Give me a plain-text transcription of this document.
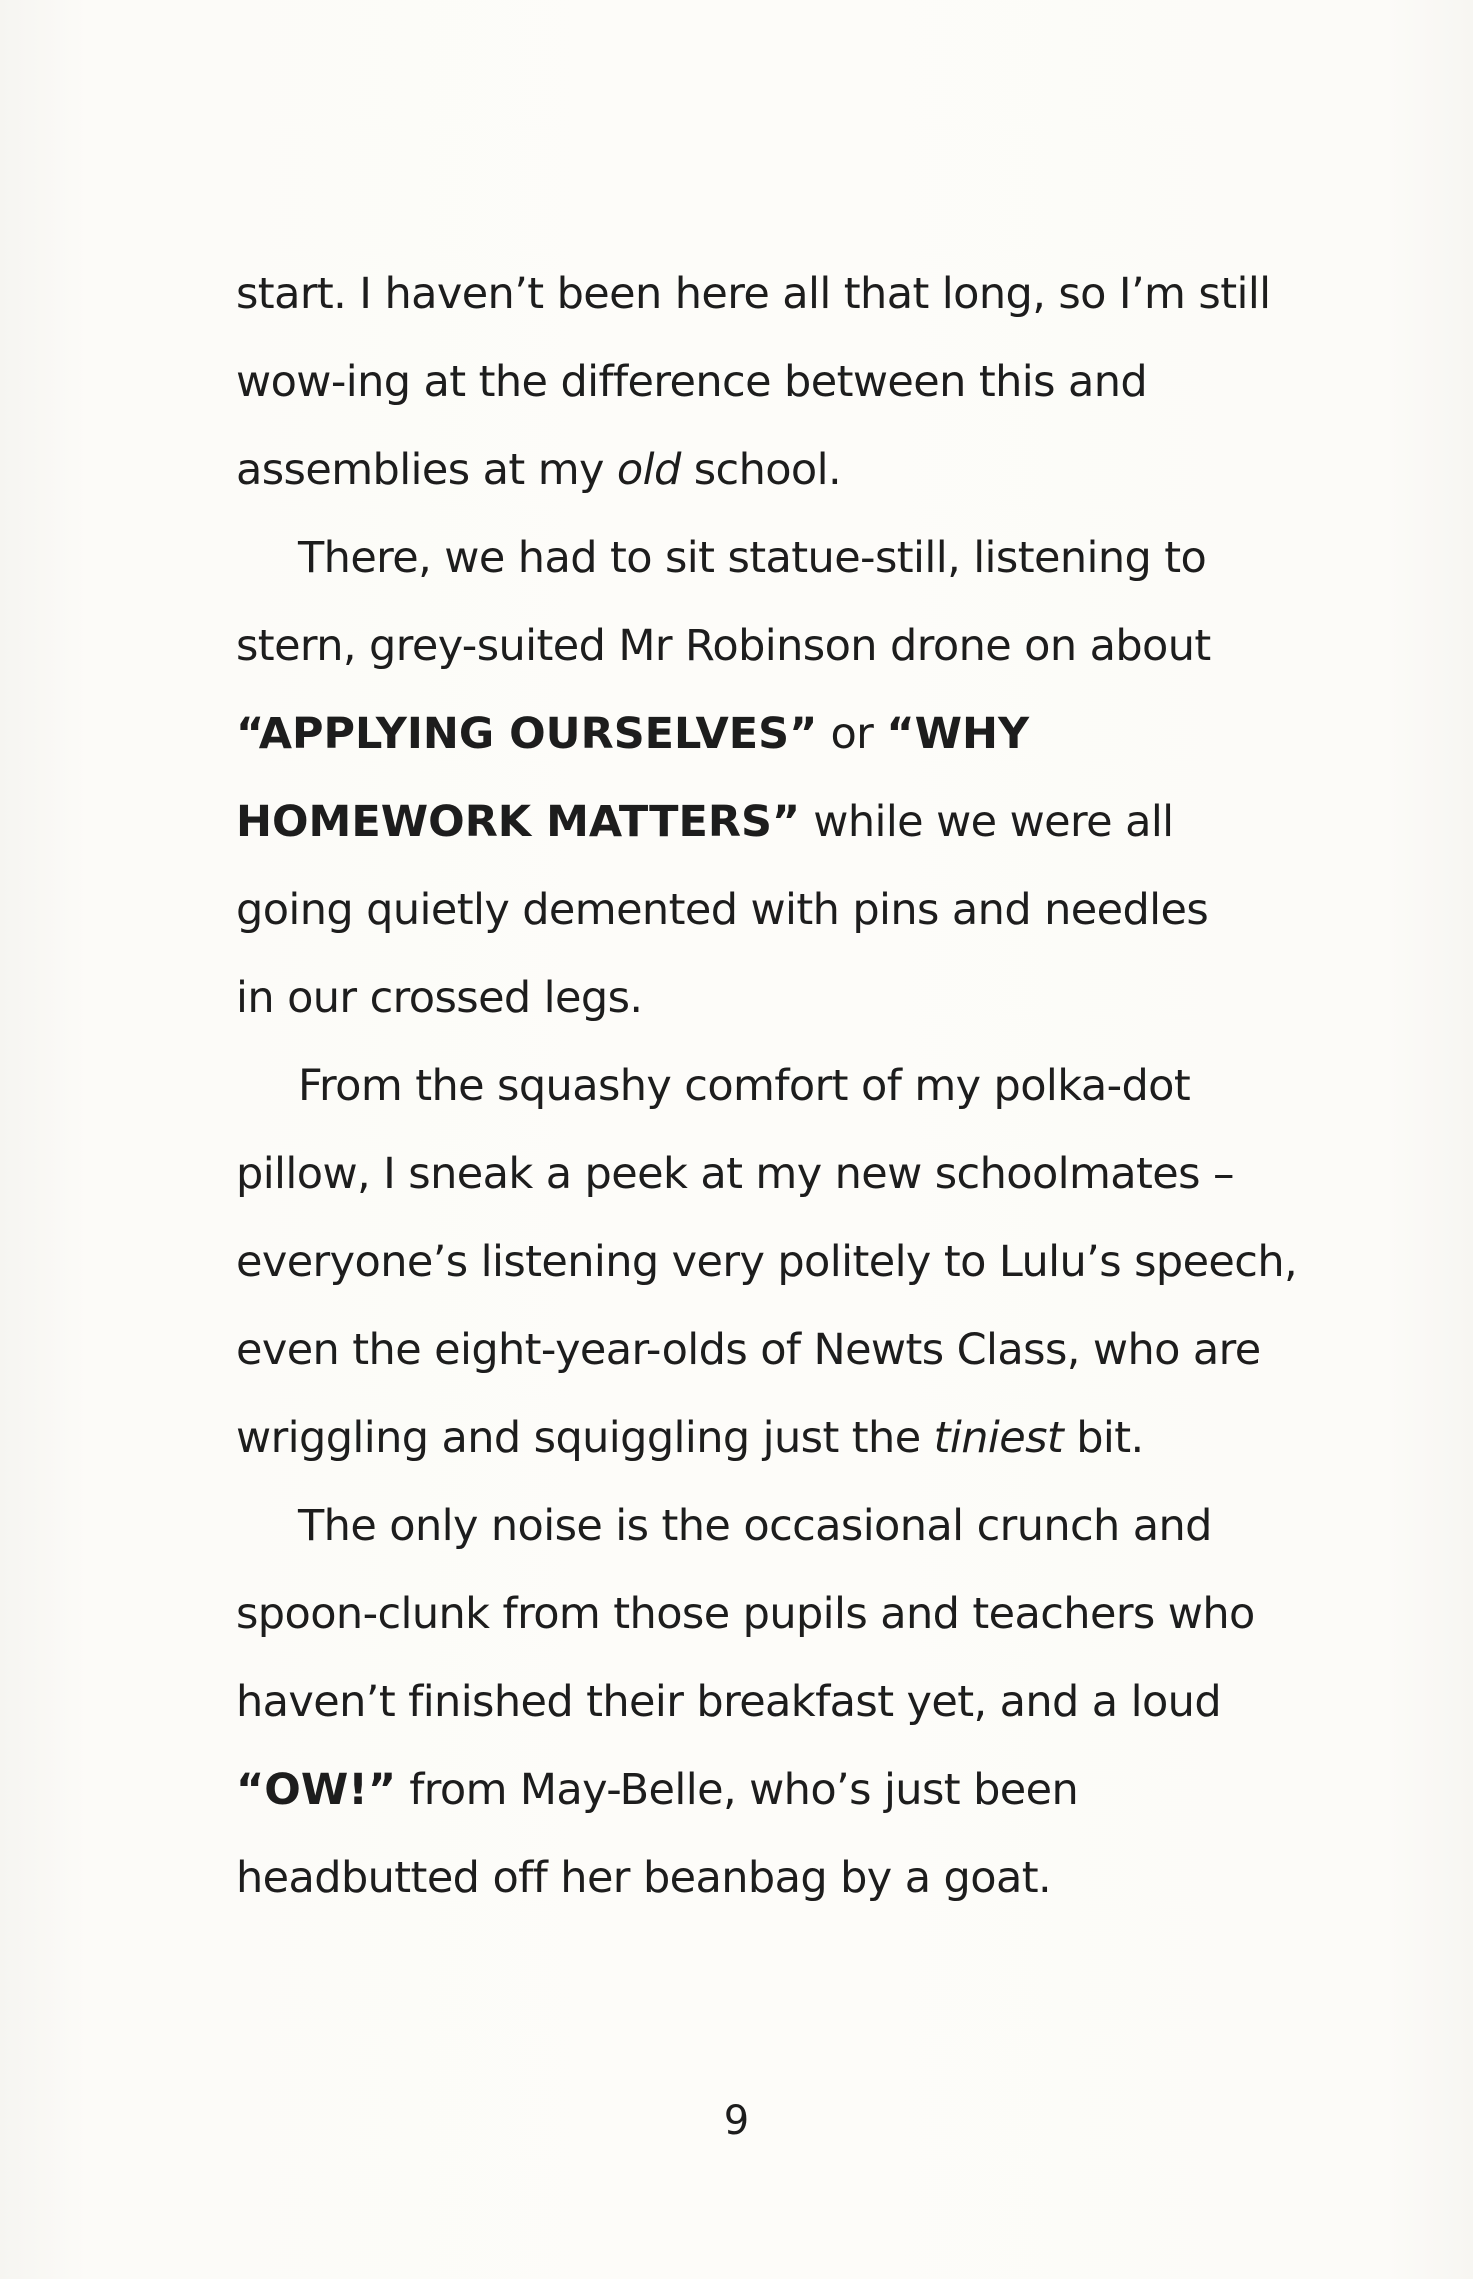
start. I haven’t been here all that long, so I’m still
wow-ing at the difference between this and
assemblies at my old school.
There, we had to sit statue-still, listening to
stern, grey-suited Mr Robinson drone on about
“APPLYING OURSELVES” or “WHY
HOMEWORK MATTERS” while we were all
going quietly demented with pins and needles
in our crossed legs.
From the squashy comfort of my polka-dot
pillow, I sneak a peek at my new schoolmates –
everyone’s listening very politely to Lulu’s speech,
even the eight-year-olds of Newts Class, who are
wriggling and squiggling just the tiniest bit.
The only noise is the occasional crunch and
spoon-clunk from those pupils and teachers who
haven’t finished their breakfast yet, and a loud
“OW!” from May-Belle, who’s just been
headbutted off her beanbag by a goat.
9
